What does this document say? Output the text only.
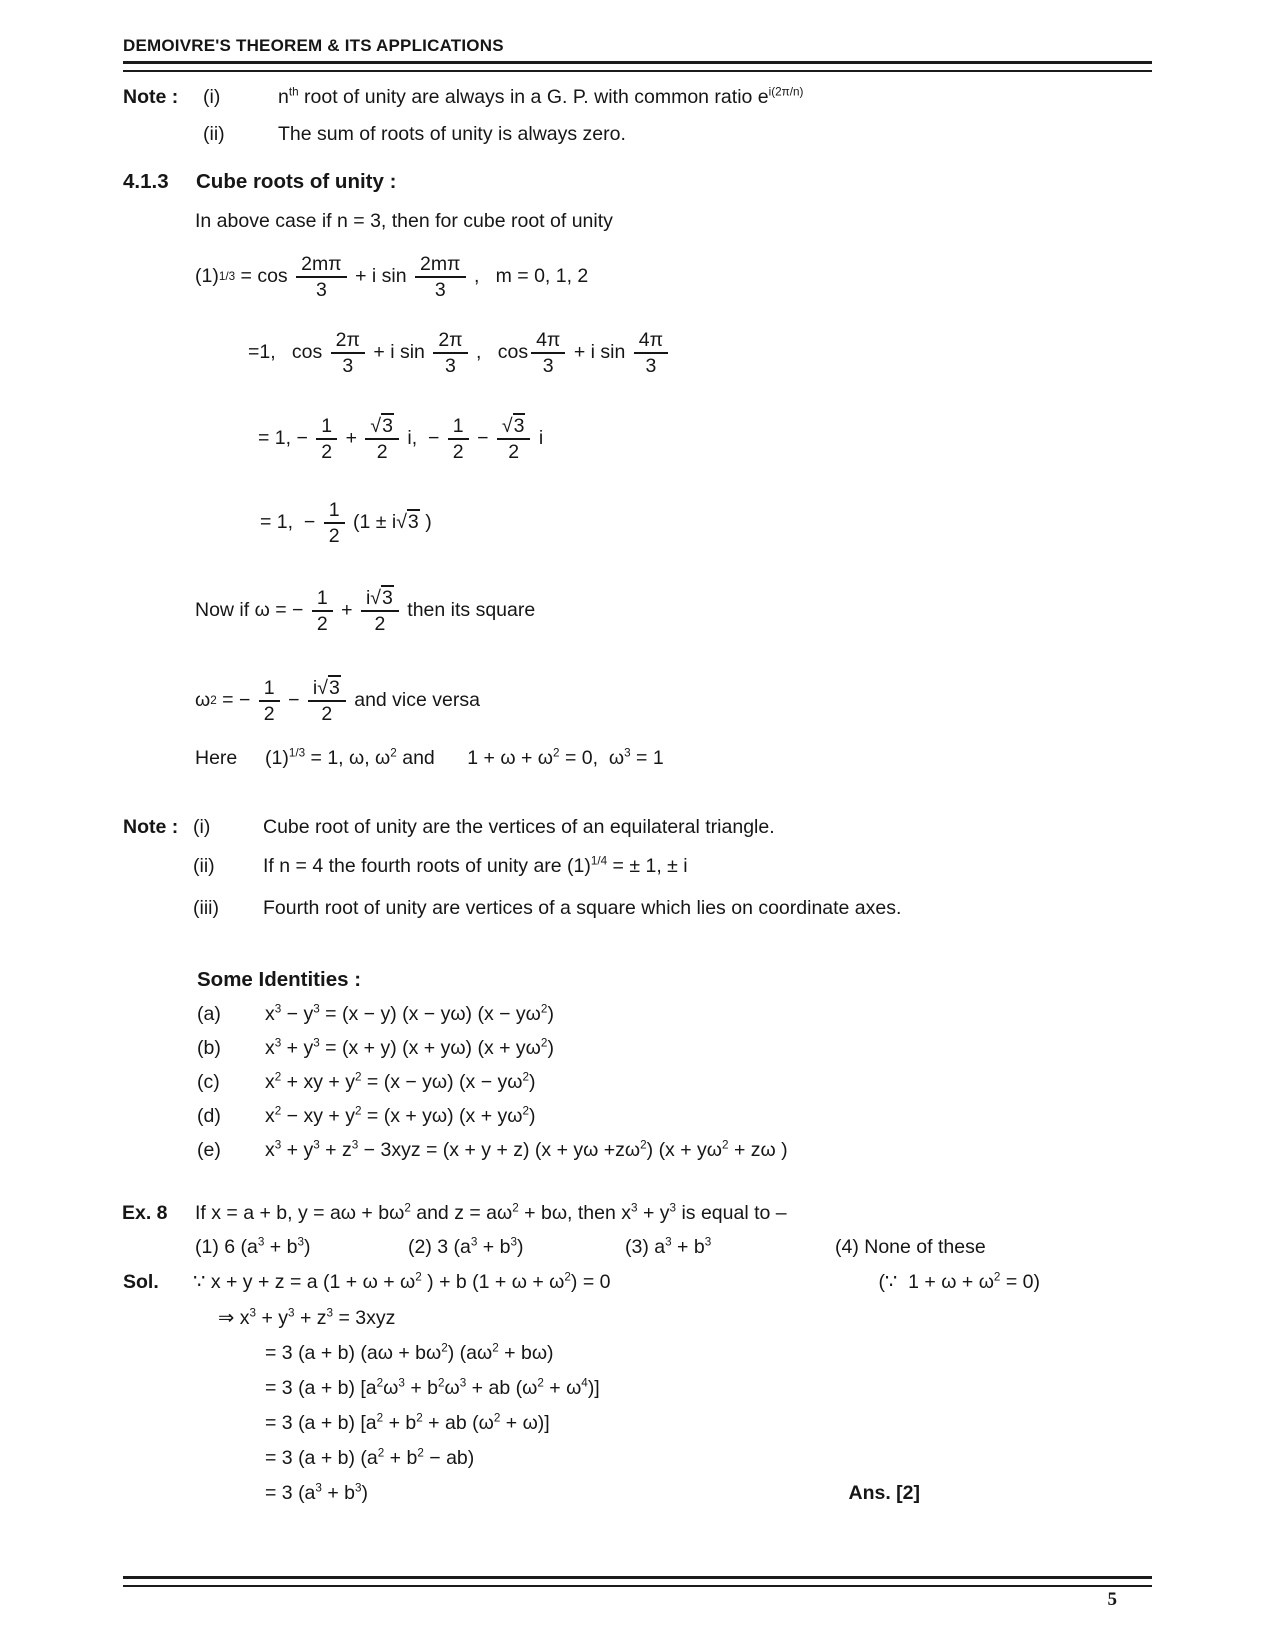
DEMOIVRE'S THEOREM & ITS APPLICATIONS
Note :	(i)	$n^{th}$ root of unity are always in a G. P. with common ratio $e^{i(2\pi/n)}$
(ii)	The sum of roots of unity is always zero.
4.1.3	Cube roots of unity :
In above case if n = 3, then for cube root of unity
(1) $1/3 = \cos \frac{2m\pi}{3} + i$ $\sin \frac{2m\pi}{3}$ ,   m = 0, 1, 2
=1,   $\cos \frac{2\pi}{3} + i$ $\sin \frac{2\pi}{3}$ ,   $\cos \frac{4\pi}{3} + i$ $\sin \frac{4\pi}{3}$
= 1, − $\frac{1}{2} + \frac{√3}{2} i$,  − $\frac{1}{2} - \frac{√3}{2}$ i
= 1,  − $\frac{1}{2} (1 \pm i$ √3 )
Now if ω = − $\frac{1}{2} + \frac{i√3}{2}$ then its square
ω 2 = − $\frac{1}{2} - \frac{i√3}{2}$ and vice versa
Here	$(1)^{1/3} = 1$, ω, $\omega^2$ and      $1 + \omega + \omega^2 = 0$,  $\omega^3 = 1$
Note : (i)	Cube root of unity are the vertices of an equilateral triangle.
(ii)	If n = 4 the fourth roots of unity are $(1)^{1/4}$ = ± 1, ± i
(iii)	Fourth root of unity are vertices of a square which lies on coordinate axes.
Some Identities :
(a)	$x^3 - y^3 = (x - y) (x - y\omega) (x - y\omega^2)$
(b)	$x^3 + y^3 = (x + y) (x + y\omega) (x + y\omega^2)$
(c)	$x^2$ + xy + $y^2 = (x - y\omega) (x - y\omega^2)$
(d)	$x^2$ − xy + $y^2 = (x + y\omega) (x + y\omega^2)$
(e)	$x^3 + y^3 + z^3 - 3xyz = (x + y + z) (x + y\omega +z\omega^2) (x + y\omega^2 + z\omega$ )
Ex. 8	If x = a + b, $y = a\omega + b\omega^2$ and $z = a\omega^2 + b\omega$, then $x^3 + y^3$ is equal to –
(1) 6 $(a^3 + b^3)$	(2) 3 $(a^3 + b^3)$	(3) $a^3 + b^3$	(4) None of these
Sol.	∵ x + y + z = a ($1 + \omega + \omega^2$ ) + b $(1 + \omega + \omega^2) = 0$	(∵  $1 + \omega + \omega^2 = 0$)
⇒ $x^3 + y^3 + z^3 = 3xyz$
= 3 (a + b) $(a\omega + b\omega^2)$ $(a\omega^2 + b\omega)$
= 3 (a + b) [$a^2\omega^3 + b^2\omega^3$ + ab $(\omega^2 + \omega^4)$]
= 3 (a + b) [$a^2 + b^2$ + ab $(\omega^2 + \omega)$]
= 3 (a + b) $(a^2 + b^2 - ab)$
= 3 $(a^3 + b^3)$	Ans. [2]
5
